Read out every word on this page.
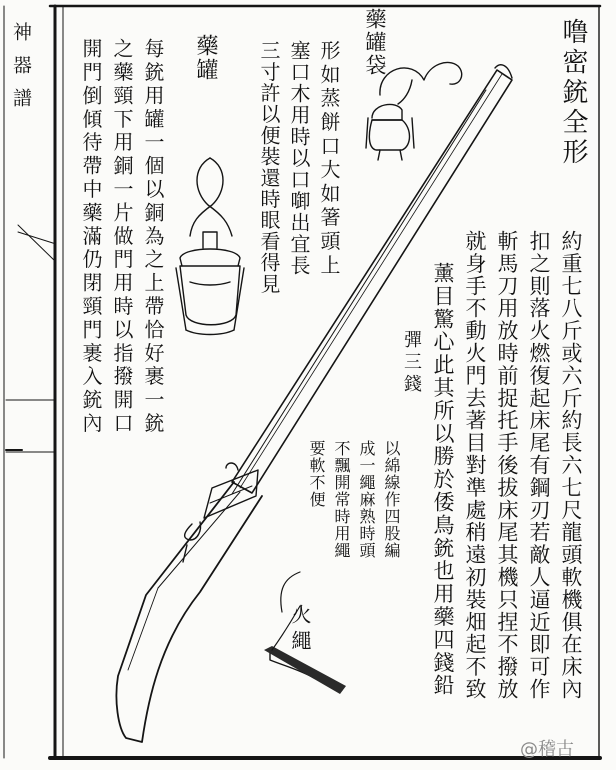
神器譜	噜密銃全形
藥罐	藥罐袋
火繩
每銃用罐一個以銅為之上帶恰好裹一銃
之藥頸下用銅一片做門用時以指撥開口
開門倒傾待帶中藥滿仍閉頸門裹入銃內	形如蒸餅口大如箸頭上
塞口木用時以口啣出宜長
三寸許以便裝還時眼看得見
約重七八斤或六斤約長六七尺龍頭軟機俱在床內
扣之則落火燃復起床尾有鋼刃若敵人逼近即可作
斬馬刀用放時前捉托手後拔床尾其機只捏不撥放
就身手不動火門去著目對準處稍遠初裝畑起不致
薰目驚心此其所以勝於倭鳥銃也用藥四錢鉛
彈三錢
以綿線作四股編
成一繩麻熟時頭
不飄開常時用繩
要軟不便
@稽古
